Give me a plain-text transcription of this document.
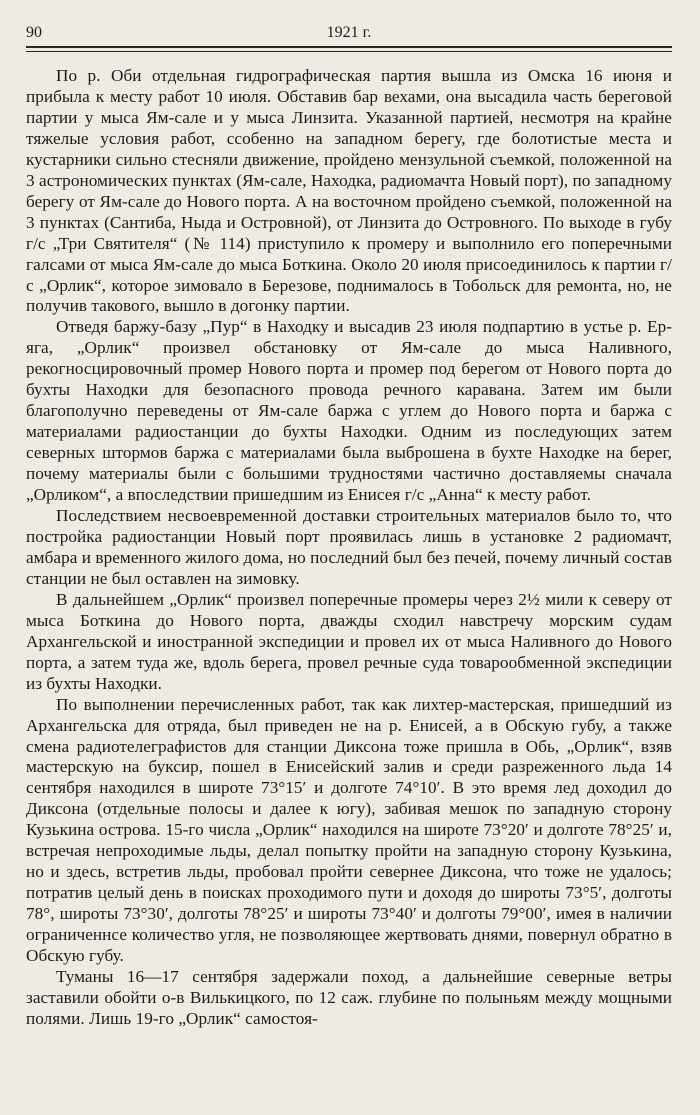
90	1921 г.

По р. Оби отдельная гидрографическая партия вышла из Омска 16 июня и прибыла к месту работ 10 июля. Обставив бар вехами, она высадила часть береговой партии у мыса Ям-сале и у мыса Линзита. Указанной партией, несмотря на крайне тяжелые условия работ, ссобенно на западном берегу, где болотистые места и кустарники сильно стесняли движение, пройдено мензульной съемкой, положенной на 3 астрономических пунктах (Ям-сале, Находка, радиомачта Новый порт), по западному берегу от Ям-сале до Нового порта. А на восточном пройдено съемкой, положенной на 3 пунктах (Сантиба, Ныда и Островной), от Линзита до Островного. По выходе в губу г/с „Три Святителя“ (№ 114) приступило к промеру и выполнило его поперечными галсами от мыса Ям-сале до мыса Боткина. Около 20 июля присоединилось к партии г/с „Орлик“, которое зимовало в Березове, поднималось в Тобольск для ремонта, но, не получив такового, вышло в догонку партии.

Отведя баржу-базу „Пур“ в Находку и высадив 23 июля подпартию в устье р. Ер-яга, „Орлик“ произвел обстановку от Ям-сале до мыса Наливного, рекогносцировочный промер Нового порта и промер под берегом от Нового порта до бухты Находки для безопасного провода речного каравана. Затем им были благополучно переведены от Ям-сале баржа с углем до Нового порта и баржа с материалами радиостанции до бухты Находки. Одним из последующих затем северных штормов баржа с материалами была выброшена в бухте Находке на берег, почему материалы были с большими трудностями частично доставляемы сначала „Орликом“, а впоследствии пришедшим из Енисея г/с „Анна“ к месту работ.

Последствием несвоевременной доставки строительных материалов было то, что постройка радиостанции Новый порт проявилась лишь в установке 2 радиомачт, амбара и временного жилого дома, но последний был без печей, почему личный состав станции не был оставлен на зимовку.

В дальнейшем „Орлик“ произвел поперечные промеры через 2½ мили к северу от мыса Боткина до Нового порта, дважды сходил навстречу морским судам Архангельской и иностранной экспедиции и провел их от мыса Наливного до Нового порта, а затем туда же, вдоль берега, провел речные суда товарообменной экспедиции из бухты Находки.

По выполнении перечисленных работ, так как лихтер-мастерская, пришедший из Архангельска для отряда, был приведен не на р. Енисей, а в Обскую губу, а также смена радиотелеграфистов для станции Диксона тоже пришла в Обь, „Орлик“, взяв мастерскую на буксир, пошел в Енисейский залив и среди разреженного льда 14 сентября находился в широте 73°15′ и долготе 74°10′. В это время лед доходил до Диксона (отдельные полосы и далее к югу), забивая мешок по западную сторону Кузькина острова. 15-го числа „Орлик“ находился на широте 73°20′ и долготе 78°25′ и, встречая непроходимые льды, делал попытку пройти на западную сторону Кузькина, но и здесь, встретив льды, пробовал пройти севернее Диксона, что тоже не удалось; потратив целый день в поисках проходимого пути и доходя до широты 73°5′, долготы 78°, широты 73°30′, долготы 78°25′ и широты 73°40′ и долготы 79°00′, имея в наличии ограниченнсе количество угля, не позволяющее жертвовать днями, повернул обратно в Обскую губу.

Туманы 16—17 сентября задержали поход, а дальнейшие северные ветры заставили обойти о-в Вилькицкого, по 12 саж. глубине по полыньям между мощными полями. Лишь 19-го „Орлик“ самостоя-
